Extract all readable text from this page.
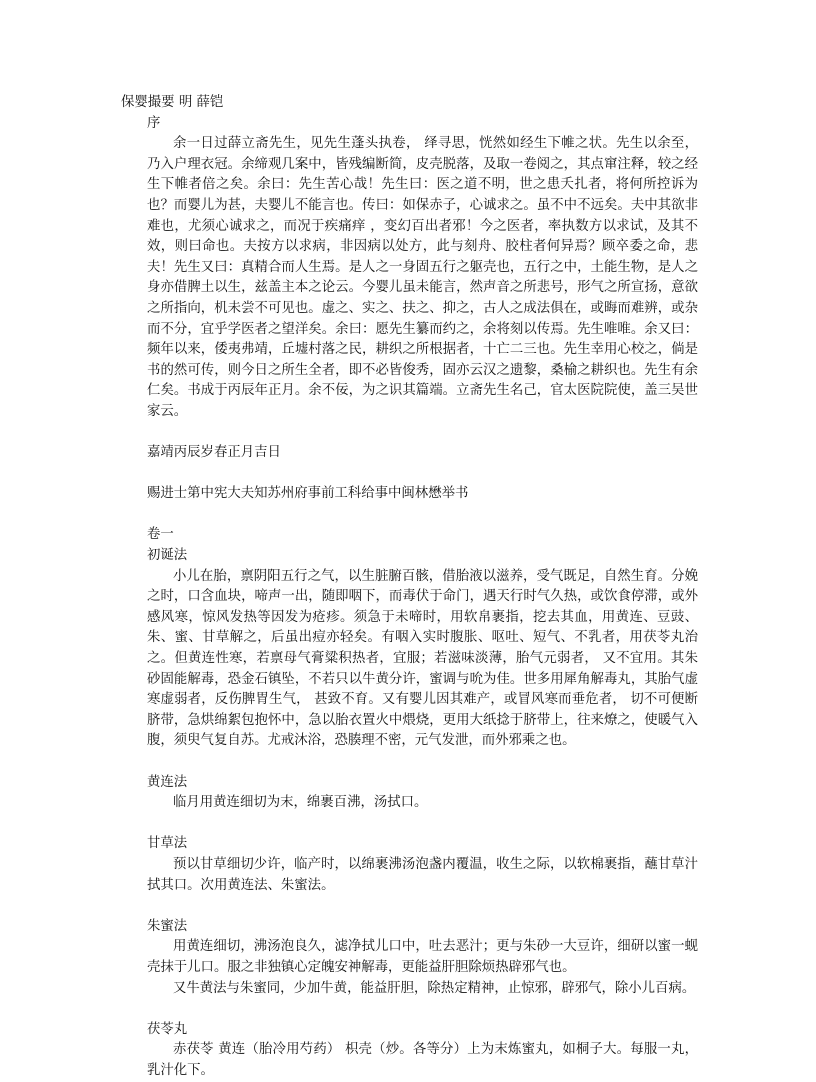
保婴撮要 明 薛铠

序

余一日过薛立斋先生，见先生蓬头执卷， 绎寻思，恍然如经生下帷之状。先生以余至，乃入户理衣冠。余缔观几案中，皆残编断简，皮壳脱落，及取一卷阅之，其点窜注释，较之经生下帷者倍之矣。余曰：先生苦心哉！先生曰：医之道不明，世之患夭扎者，将何所控诉为也？而婴儿为甚，夫婴儿不能言也。传曰：如保赤子，心诚求之。虽不中不远矣。夫中其欲非难也，尤须心诚求之，而况于疾痛痒 ，变幻百出者邪！今之医者，率执数方以求试，及其不效，则曰命也。夫按方以求病，非因病以处方，此与刻舟、胶柱者何异焉？顾卒委之命，悲夫！先生又曰：真精合而人生焉。是人之一身固五行之躯壳也，五行之中，土能生物，是人之身亦借脾土以生，兹盖主本之论云。今婴儿虽未能言，然声音之所悲号，形气之所宣扬，意欲之所指向，机未尝不可见也。虚之、实之、扶之、抑之，古人之成法俱在，或晦而难辨，或杂而不分，宜乎学医者之望洋矣。余曰：愿先生纂而约之，余将刻以传焉。先生唯唯。余又曰：频年以来，倭夷弗靖，丘墟村落之民，耕织之所根据者，十亡二三也。先生幸用心校之，倘是书的然可传，则今日之所生全者，即不必皆俊秀，固亦云汉之遗黎，桑榆之耕织也。先生有余仁矣。书成于丙辰年正月。余不佞，为之识其篇端。立斋先生名己，官太医院院使，盖三吴世家云。

嘉靖丙辰岁春正月吉日

赐进士第中宪大夫知苏州府事前工科给事中闽林懋举书

卷一

初诞法

小儿在胎，禀阴阳五行之气，以生脏腑百骸，借胎液以滋养，受气既足，自然生育。分娩之时，口含血块，啼声一出，随即咽下，而毒伏于命门，遇天行时气久热，或饮食停滞，或外感风寒，惊风发热等因发为疮疹。须急于未啼时，用软帛裹指，挖去其血，用黄连、豆豉、朱、蜜、甘草解之，后虽出痘亦轻矣。有咽入实时腹胀、呕吐、短气、不乳者，用茯苓丸治之。但黄连性寒，若禀母气膏粱积热者，宜服；若滋味淡薄，胎气元弱者， 又不宜用。其朱砂固能解毒，恐金石镇坠，不若只以牛黄分许，蜜调与吮为佳。世多用犀角解毒丸，其胎气虚寒虚弱者，反伤脾胃生气， 甚致不育。又有婴儿因其难产，或冒风寒而垂危者， 切不可便断脐带，急烘绵絮包抱怀中，急以胎衣置火中煨烧，更用大纸捻于脐带上，往来燎之，使暖气入腹，须臾气复自苏。尤戒沐浴，恐腠理不密，元气发泄，而外邪乘之也。

黄连法

临月用黄连细切为末，绵裹百沸，汤拭口。

甘草法

预以甘草细切少许，临产时，以绵裹沸汤泡盏内覆温，收生之际，以软棉裹指，蘸甘草汁拭其口。次用黄连法、朱蜜法。

朱蜜法

用黄连细切，沸汤泡良久，滤净拭儿口中，吐去恶汁；更与朱砂一大豆许，细研以蜜一蚬壳抹于儿口。服之非独镇心定魄安神解毒，更能益肝胆除烦热辟邪气也。

又牛黄法与朱蜜同，少加牛黄，能益肝胆，除热定精神，止惊邪，辟邪气，除小儿百病。

茯苓丸

赤茯苓 黄连（胎冷用芍药） 枳壳（炒。各等分）上为末炼蜜丸，如桐子大。每服一丸，乳汁化下。
